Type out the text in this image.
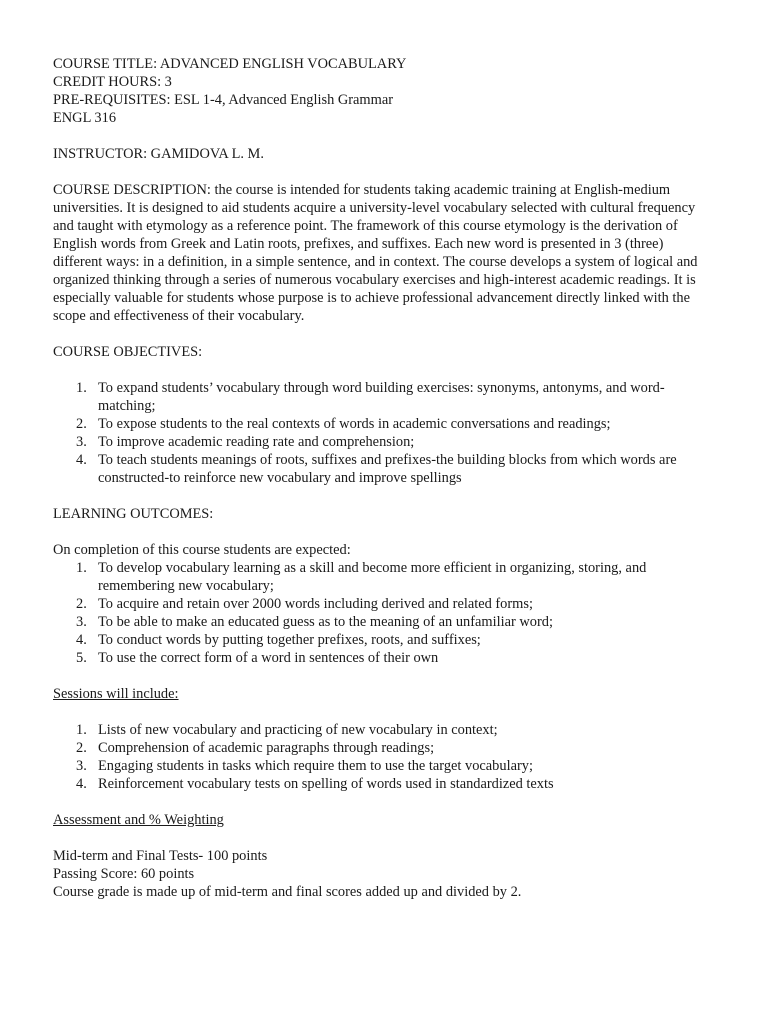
COURSE TITLE: ADVANCED ENGLISH VOCABULARY

CREDIT HOURS: 3

PRE-REQUISITES: ESL 1-4, Advanced English Grammar

ENGL 316

INSTRUCTOR: GAMIDOVA L. M.

COURSE DESCRIPTION: the course is intended for students taking academic training at English-medium

universities. It is designed to aid students acquire a university-level vocabulary selected with cultural frequency

and taught with etymology as a reference point. The framework of this course etymology is the derivation of

English words from Greek and Latin roots, prefixes, and suffixes. Each new word is presented in 3 (three)

different ways: in a definition, in a simple sentence, and in context. The course develops a system of logical and

organized thinking through a series of numerous vocabulary exercises and high-interest academic readings. It is

especially valuable for students whose purpose is to achieve professional advancement directly linked with the

scope and effectiveness of their vocabulary.

COURSE OBJECTIVES:

1. To expand students’ vocabulary through word building exercises: synonyms, antonyms, and word-

matching;

2. To expose students to the real contexts of words in academic conversations and readings;

3. To improve academic reading rate and comprehension;

4. To teach students meanings of roots, suffixes and prefixes-the building blocks from which words are

constructed-to reinforce new vocabulary and improve spellings

LEARNING OUTCOMES:

On completion of this course students are expected:

1. To develop vocabulary learning as a skill and become more efficient in organizing, storing, and

remembering new vocabulary;

2. To acquire and retain over 2000 words including derived and related forms;

3. To be able to make an educated guess as to the meaning of an unfamiliar word;

4. To conduct words by putting together prefixes, roots, and suffixes;

5. To use the correct form of a word in sentences of their own

Sessions will include:

1. Lists of new vocabulary and practicing of new vocabulary in context;

2. Comprehension of academic paragraphs through readings;

3. Engaging students in tasks which require them to use the target vocabulary;

4. Reinforcement vocabulary tests on spelling of words used in standardized texts

Assessment and % Weighting

Mid-term and Final Tests- 100 points

Passing Score: 60 points

Course grade is made up of mid-term and final scores added up and divided by 2.
